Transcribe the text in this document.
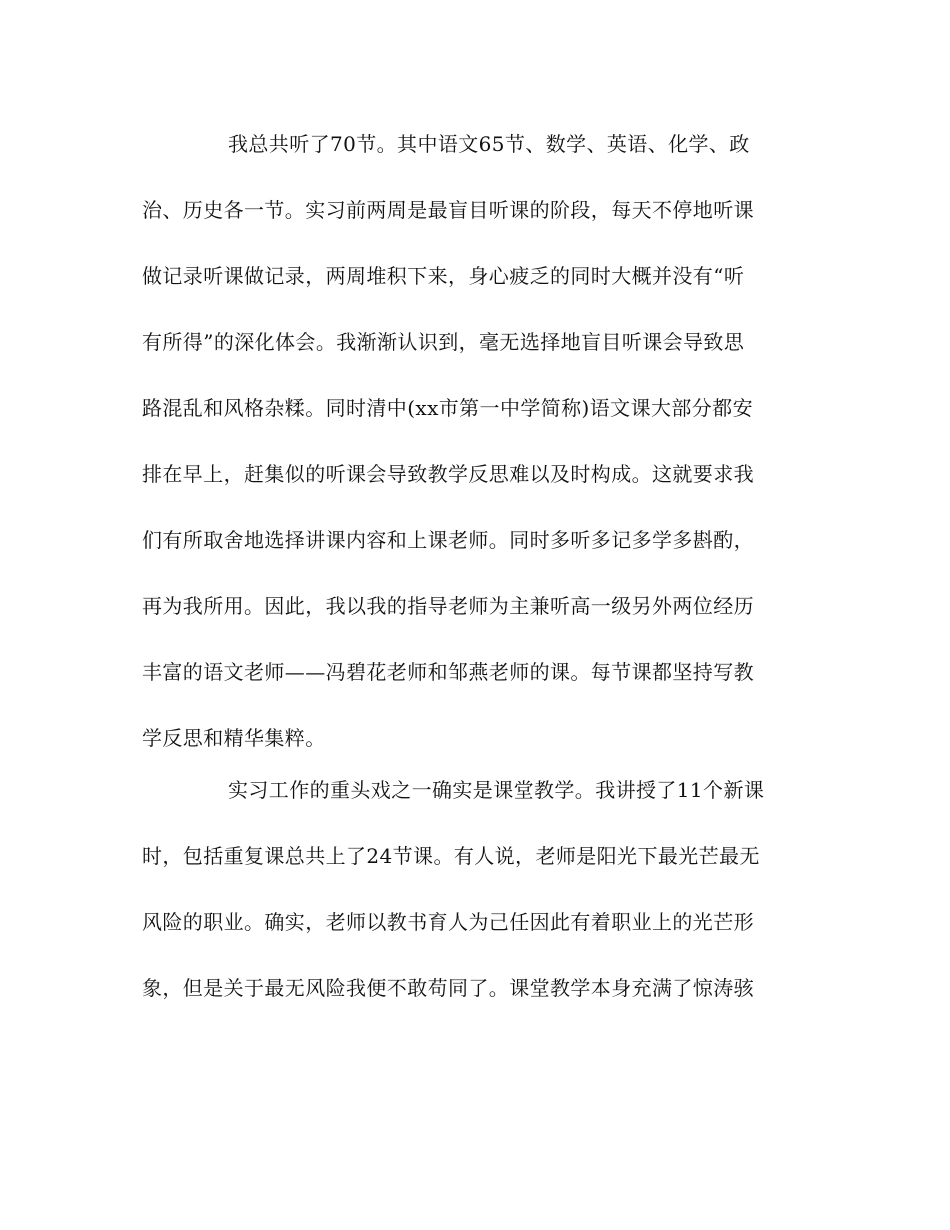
我总共听了70节。其中语文65节、数学、英语、化学、政
治、历史各一节。实习前两周是最盲目听课的阶段，每天不停地听课
做记录听课做记录，两周堆积下来，身心疲乏的同时大概并没有“听
有所得”的深化体会。我渐渐认识到，毫无选择地盲目听课会导致思
路混乱和风格杂糅。同时清中(xx市第一中学简称)语文课大部分都安
排在早上，赶集似的听课会导致教学反思难以及时构成。这就要求我
们有所取舍地选择讲课内容和上课老师。同时多听多记多学多斟酌，
再为我所用。因此，我以我的指导老师为主兼听高一级另外两位经历
丰富的语文老师——冯碧花老师和邹燕老师的课。每节课都坚持写教
学反思和精华集粹。
实习工作的重头戏之一确实是课堂教学。我讲授了11个新课
时，包括重复课总共上了24节课。有人说，老师是阳光下最光芒最无
风险的职业。确实，老师以教书育人为己任因此有着职业上的光芒形
象，但是关于最无风险我便不敢苟同了。课堂教学本身充满了惊涛骇
